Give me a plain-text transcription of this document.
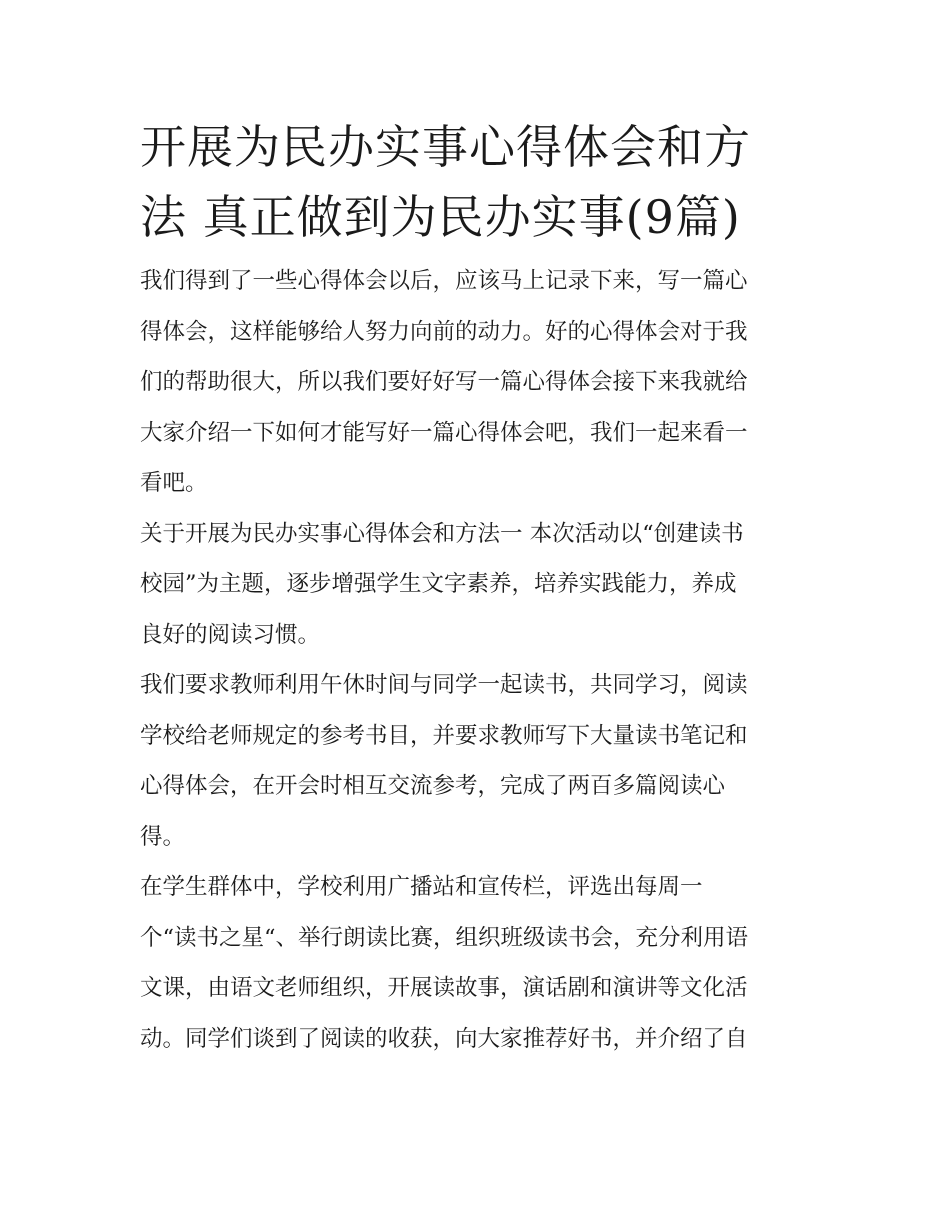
开展为民办实事心得体会和方
法 真正做到为民办实事(9篇)

我们得到了一些心得体会以后，应该马上记录下来，写一篇心
得体会，这样能够给人努力向前的动力。好的心得体会对于我
们的帮助很大，所以我们要好好写一篇心得体会接下来我就给
大家介绍一下如何才能写好一篇心得体会吧，我们一起来看一
看吧。

关于开展为民办实事心得体会和方法一 本次活动以“创建读书
校园”为主题，逐步增强学生文字素养，培养实践能力，养成
良好的阅读习惯。

我们要求教师利用午休时间与同学一起读书，共同学习，阅读
学校给老师规定的参考书目，并要求教师写下大量读书笔记和
心得体会，在开会时相互交流参考，完成了两百多篇阅读心
得。

在学生群体中，学校利用广播站和宣传栏，评选出每周一
个“读书之星“、举行朗读比赛，组织班级读书会，充分利用语
文课，由语文老师组织，开展读故事，演话剧和演讲等文化活
动。同学们谈到了阅读的收获，向大家推荐好书，并介绍了自
